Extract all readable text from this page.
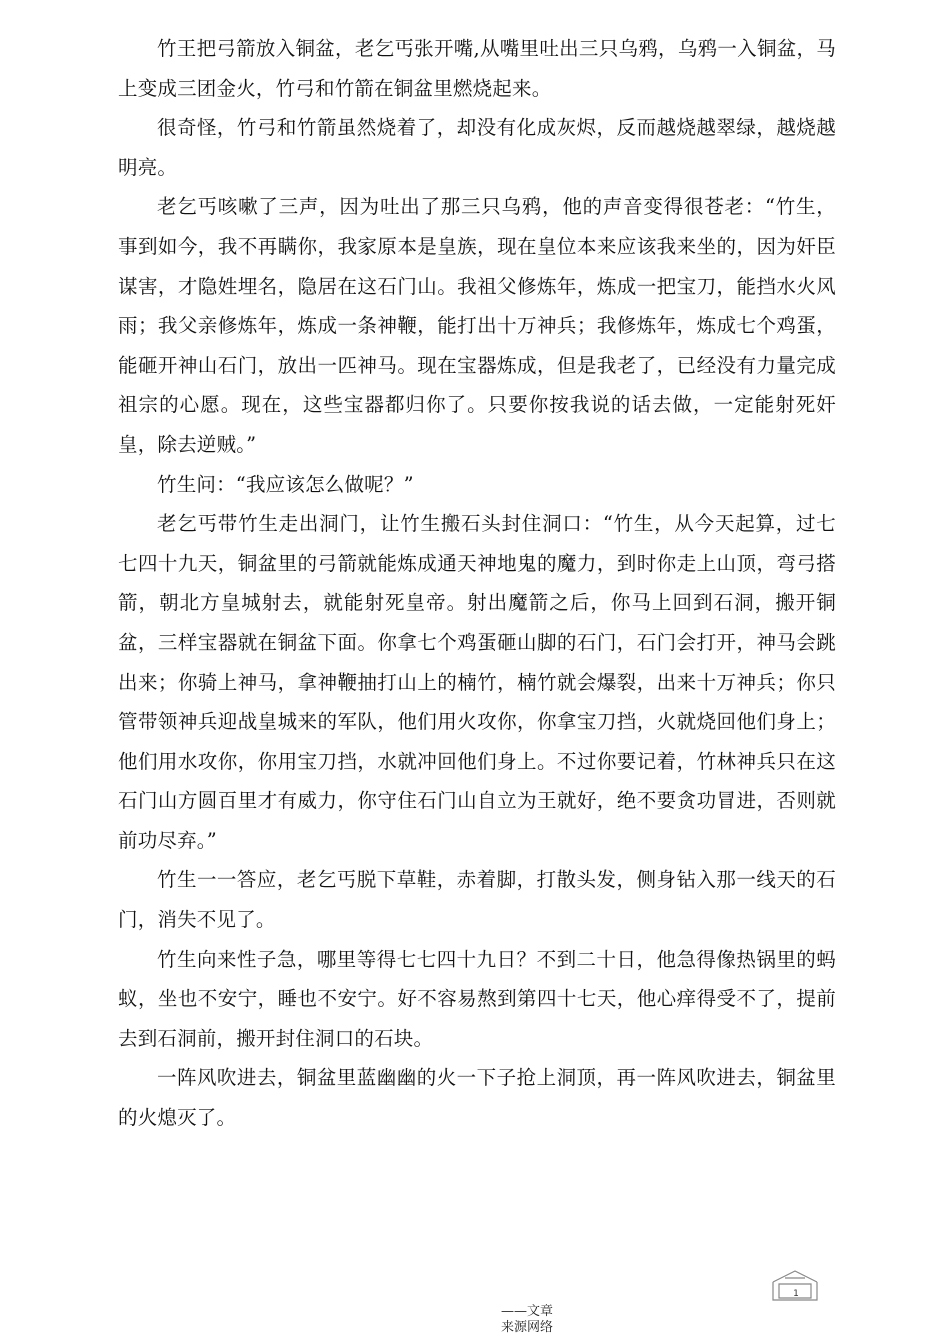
竹王把弓箭放入铜盆，老乞丐张开嘴,从嘴里吐出三只乌鸦，乌鸦一入铜盆，马上变成三团金火，竹弓和竹箭在铜盆里燃烧起来。

很奇怪，竹弓和竹箭虽然烧着了，却没有化成灰烬，反而越烧越翠绿，越烧越明亮。

老乞丐咳嗽了三声，因为吐出了那三只乌鸦，他的声音变得很苍老：“竹生，事到如今，我不再瞒你，我家原本是皇族，现在皇位本来应该我来坐的，因为奸臣谋害，才隐姓埋名，隐居在这石门山。我祖父修炼年，炼成一把宝刀，能挡水火风雨；我父亲修炼年，炼成一条神鞭，能打出十万神兵；我修炼年，炼成七个鸡蛋，能砸开神山石门，放出一匹神马。现在宝器炼成，但是我老了，已经没有力量完成祖宗的心愿。现在，这些宝器都归你了。只要你按我说的话去做，一定能射死奸皇，除去逆贼。”

竹生问：“我应该怎么做呢？”

老乞丐带竹生走出洞门，让竹生搬石头封住洞口：“竹生，从今天起算，过七七四十九天，铜盆里的弓箭就能炼成通天神地鬼的魔力，到时你走上山顶，弯弓搭箭，朝北方皇城射去，就能射死皇帝。射出魔箭之后，你马上回到石洞，搬开铜盆，三样宝器就在铜盆下面。你拿七个鸡蛋砸山脚的石门，石门会打开，神马会跳出来；你骑上神马，拿神鞭抽打山上的楠竹，楠竹就会爆裂，出来十万神兵；你只管带领神兵迎战皇城来的军队，他们用火攻你，你拿宝刀挡，火就烧回他们身上；他们用水攻你，你用宝刀挡，水就冲回他们身上。不过你要记着，竹林神兵只在这石门山方圆百里才有威力，你守住石门山自立为王就好，绝不要贪功冒进，否则就前功尽弃。”

竹生一一答应，老乞丐脱下草鞋，赤着脚，打散头发，侧身钻入那一线天的石门，消失不见了。

竹生向来性子急，哪里等得七七四十九日？不到二十日，他急得像热锅里的蚂蚁，坐也不安宁，睡也不安宁。好不容易熬到第四十七天，他心痒得受不了，提前去到石洞前，搬开封住洞口的石块。

一阵风吹进去，铜盆里蓝幽幽的火一下子抢上洞顶，再一阵风吹进去，铜盆里的火熄灭了。

1
——文章来源网络
